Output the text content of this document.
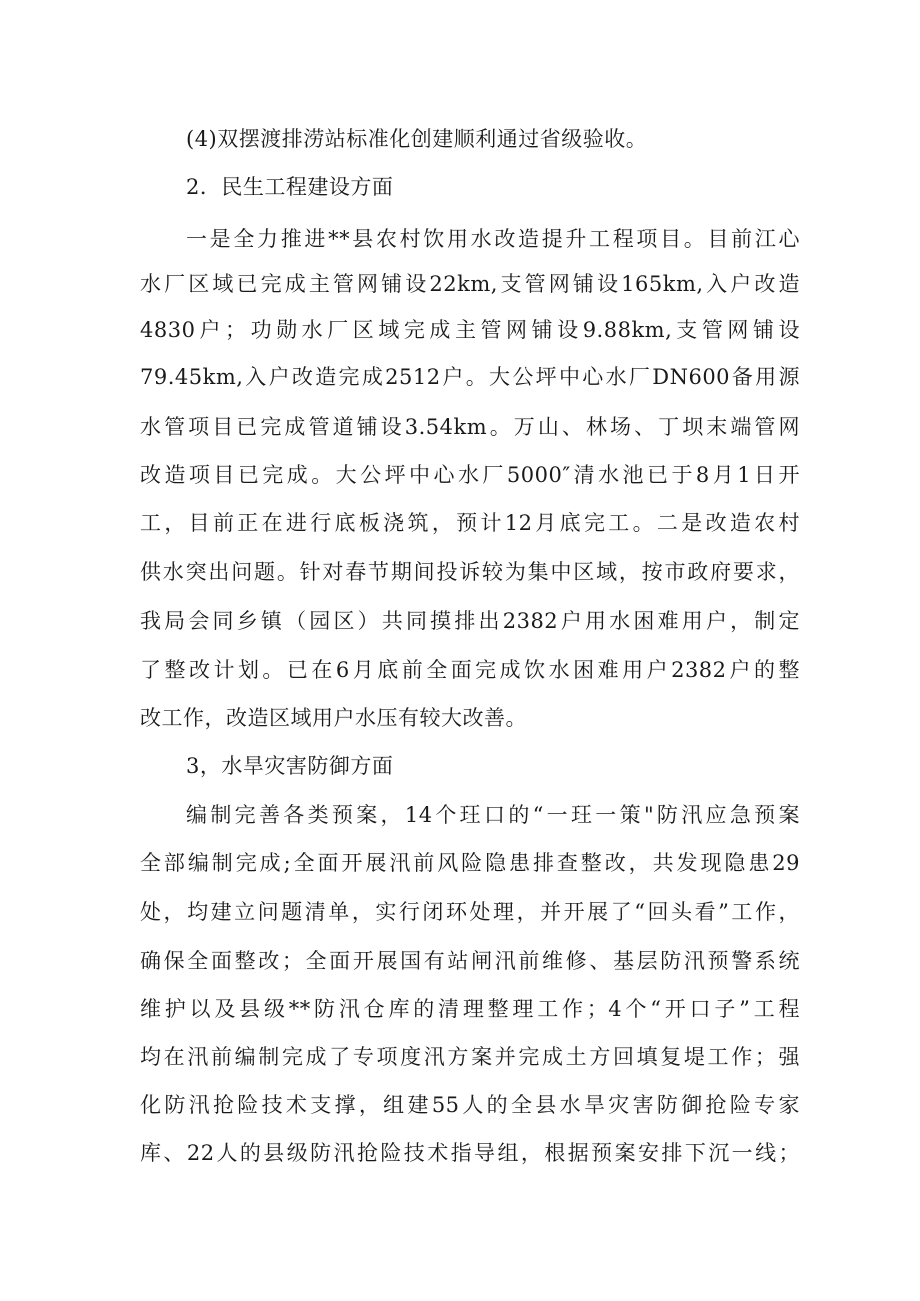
(4)双摆渡排涝站标准化创建顺利通过省级验收。
2．民生工程建设方面
一是全力推进**县农村饮用水改造提升工程项目。目前江心
水厂区域已完成主管网铺设22km,支管网铺设165km,入户改造
4830户；功勋水厂区域完成主管网铺设9.88km,支管网铺设
79.45km,入户改造完成2512户。大公坪中心水厂DN600备用源
水管项目已完成管道铺设3.54km。万山、林场、丁坝末端管网
改造项目已完成。大公坪中心水厂5000″清水池已于8月1日开
工，目前正在进行底板浇筑，预计12月底完工。二是改造农村
供水突出问题。针对春节期间投诉较为集中区域，按市政府要求，
我局会同乡镇（园区）共同摸排出2382户用水困难用户，制定
了整改计划。已在6月底前全面完成饮水困难用户2382户的整
改工作，改造区域用户水压有较大改善。
3，水旱灾害防御方面
编制完善各类预案，14个玨口的“一玨一策"防汛应急预案
全部编制完成;全面开展汛前风险隐患排查整改，共发现隐患29
处，均建立问题清单，实行闭环处理，并开展了“回头看”工作，
确保全面整改；全面开展国有站闸汛前维修、基层防汛预警系统
维护以及县级**防汛仓库的清理整理工作；4个“开口子”工程
均在汛前编制完成了专项度汛方案并完成土方回填复堤工作；强
化防汛抢险技术支撑，组建55人的全县水旱灾害防御抢险专家
库、22人的县级防汛抢险技术指导组，根据预案安排下沉一线；
